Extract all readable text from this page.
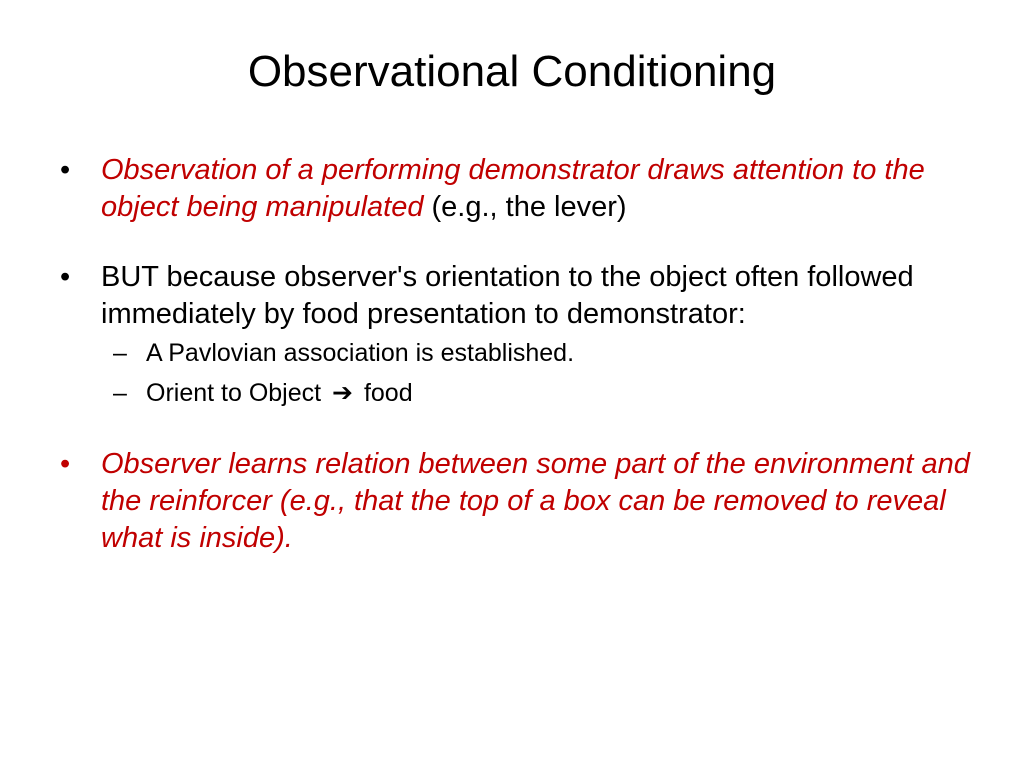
Observational Conditioning
•	Observation of a performing demonstrator draws attention to the object being manipulated (e.g., the lever)
•	BUT because observer's orientation to the object often followed immediately by food presentation to demonstrator:
– A Pavlovian association is established.
– Orient to Object ➔ food
•	Observer learns relation between some part of the environment and the reinforcer (e.g., that the top of a box can be removed to reveal what is inside).
